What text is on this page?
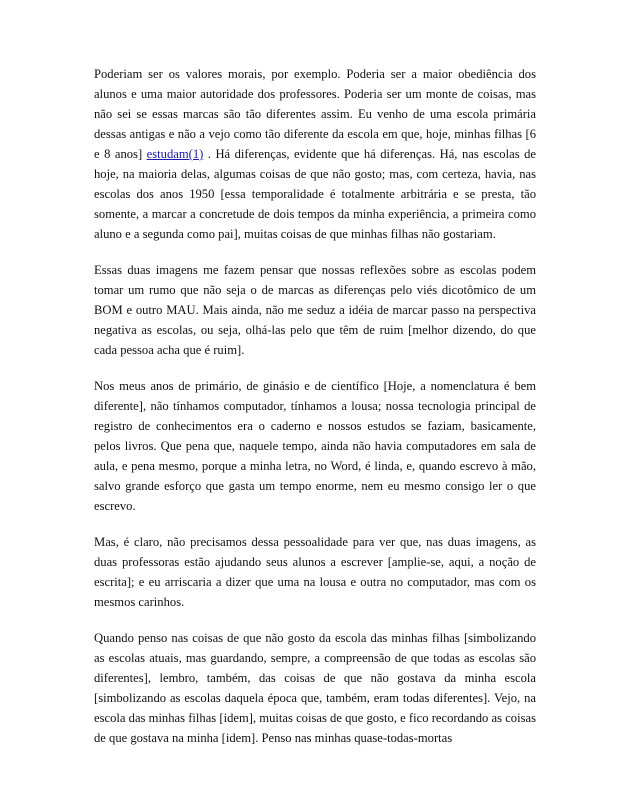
Poderiam ser os valores morais, por exemplo. Poderia ser a maior obediência dos alunos e uma maior autoridade dos professores. Poderia ser um monte de coisas, mas não sei se essas marcas são tão diferentes assim. Eu venho de uma escola primária dessas antigas e não a vejo como tão diferente da escola em que, hoje, minhas filhas [6 e 8 anos] estudam(1) . Há diferenças, evidente que há diferenças. Há, nas escolas de hoje, na maioria delas, algumas coisas de que não gosto; mas, com certeza, havia, nas escolas dos anos 1950 [essa temporalidade é totalmente arbitrária e se presta, tão somente, a marcar a concretude de dois tempos da minha experiência, a primeira como aluno e a segunda como pai], muitas coisas de que minhas filhas não gostariam.

Essas duas imagens me fazem pensar que nossas reflexões sobre as escolas podem tomar um rumo que não seja o de marcas as diferenças pelo viés dicotômico de um BOM e outro MAU. Mais ainda, não me seduz a idéia de marcar passo na perspectiva negativa as escolas, ou seja, olhá-las pelo que têm de ruim [melhor dizendo, do que cada pessoa acha que é ruim].

Nos meus anos de primário, de ginásio e de científico [Hoje, a nomenclatura é bem diferente], não tínhamos computador, tínhamos a lousa; nossa tecnologia principal de registro de conhecimentos era o caderno e nossos estudos se faziam, basicamente, pelos livros. Que pena que, naquele tempo, ainda não havia computadores em sala de aula, e pena mesmo, porque a minha letra, no Word, é linda, e, quando escrevo à mão, salvo grande esforço que gasta um tempo enorme, nem eu mesmo consigo ler o que escrevo.

Mas, é claro, não precisamos dessa pessoalidade para ver que, nas duas imagens, as duas professoras estão ajudando seus alunos a escrever [amplie-se, aqui, a noção de escrita]; e eu arriscaria a dizer que uma na lousa e outra no computador, mas com os mesmos carinhos.

Quando penso nas coisas de que não gosto da escola das minhas filhas [simbolizando as escolas atuais, mas guardando, sempre, a compreensão de que todas as escolas são diferentes], lembro, também, das coisas de que não gostava da minha escola [simbolizando as escolas daquela época que, também, eram todas diferentes]. Vejo, na escola das minhas filhas [idem], muitas coisas de que gosto, e fico recordando as coisas de que gostava na minha [idem]. Penso nas minhas quase-todas-mortas
